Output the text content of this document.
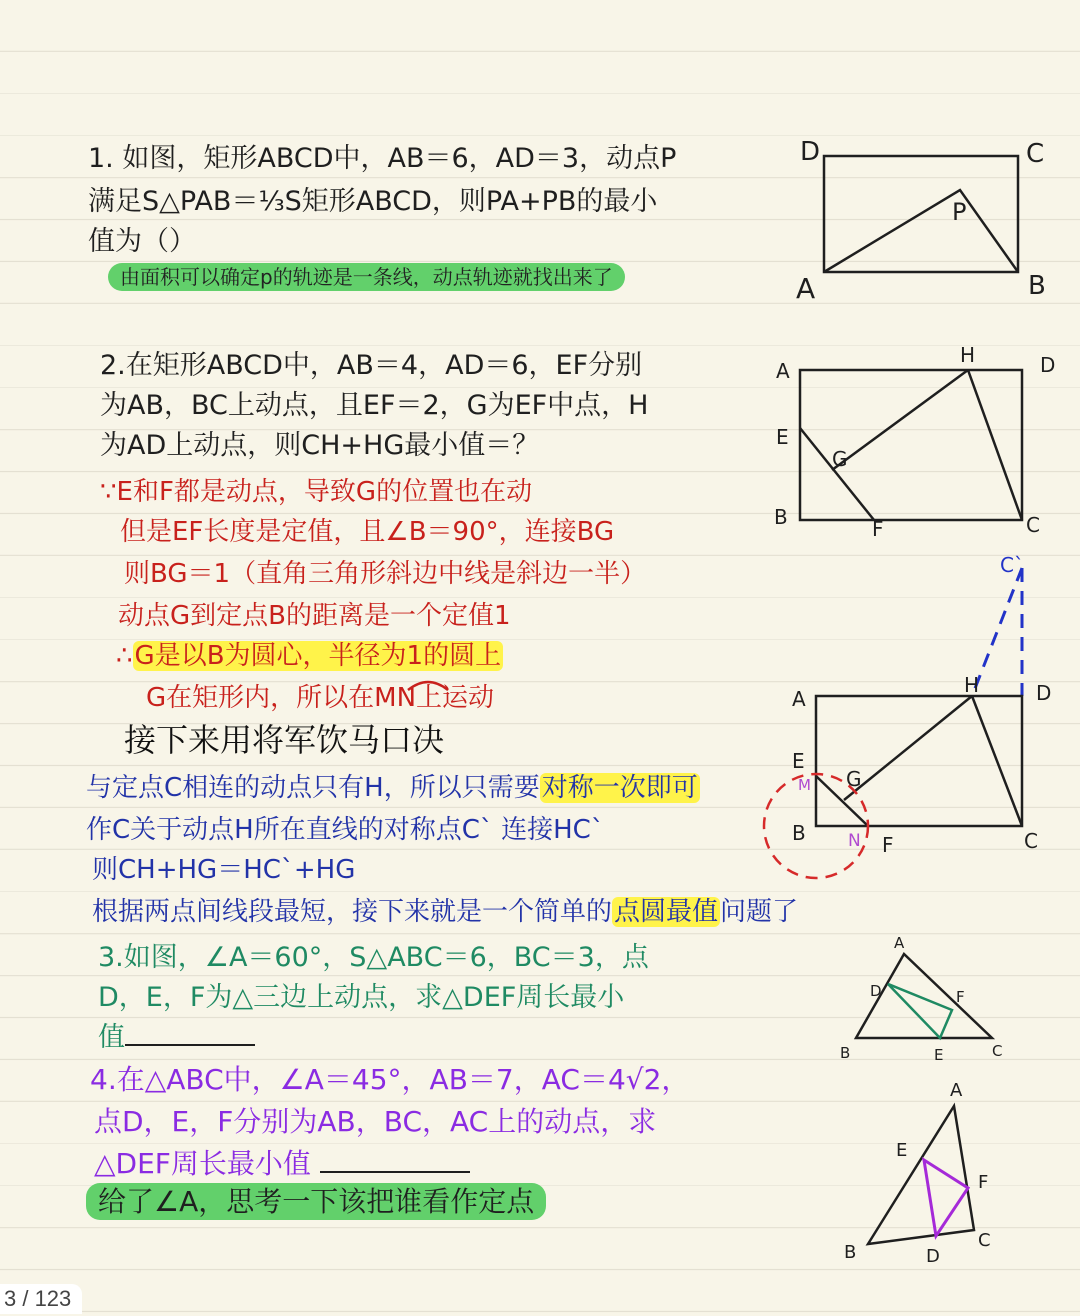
1. 如图，矩形ABCD中，AB＝6，AD＝3，动点P
满足S△PAB＝⅓S矩形ABCD，则PA+PB的最小
值为（）
由面积可以确定p的轨迹是一条线，动点轨迹就找出来了
D	C
A	B
P
2.在矩形ABCD中，AB＝4，AD＝6，EF分别
为AB，BC上动点，且EF＝2，G为EF中点，H
为AD上动点，则CH+HG最小值＝？
∵E和F都是动点，导致G的位置也在动
但是EF长度是定值，且∠B＝90°，连接BG
则BG＝1（直角三角形斜边中线是斜边一半）
动点G到定点B的距离是一个定值1
∴G是以B为圆心，半径为1的圆上
G在矩形内，所以在MN上运动
接下来用将军饮马口决
与定点C相连的动点只有H，所以只需要对称一次即可
作C关于动点H所在直线的对称点C` 连接HC`
则CH+HG＝HC`+HG
根据两点间线段最短，接下来就是一个简单的点圆最值问题了
A
H	D
E
G
B	F	C
C`
A
H	D
E
M G
B N F	C
3.如图，∠A＝60°，S△ABC＝6，BC＝3，点
D，E，F为△三边上动点，求△DEF周长最小
值
A
D	F
B	E	C
4.在△ABC中，∠A＝45°，AB＝7，AC＝4√2，
点D，E，F分别为AB，BC，AC上的动点，求
△DEF周长最小值
给了∠A，思考一下该把谁看作定点
A
E
F
B	D
C
3 / 123
